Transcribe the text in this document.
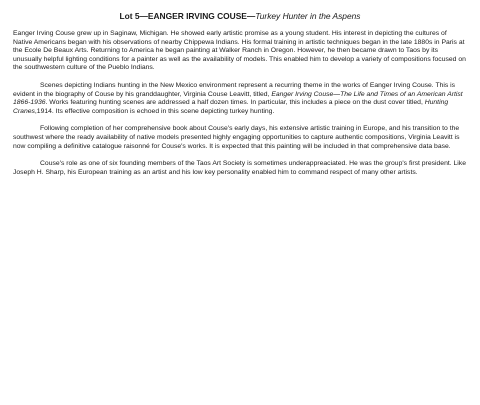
Lot 5—EANGER IRVING COUSE—Turkey Hunter in the Aspens

Eanger Irving Couse grew up in Saginaw, Michigan. He showed early artistic promise as a young student. His interest in depicting the cultures of Native Americans began with his observations of nearby Chippewa Indians. His formal training in artistic techniques began in the late 1880s in Paris at the Ecole De Beaux Arts. Returning to America he began painting at Walker Ranch in Oregon. However, he then became drawn to Taos by its unusually helpful lighting conditions for a painter as well as the availability of models. This enabled him to develop a variety of compositions focused on the southwestern culture of the Pueblo Indians.

Scenes depicting Indians hunting in the New Mexico environment represent a recurring theme in the works of Eanger Irving Couse. This is evident in the biography of Couse by his granddaughter, Virginia Couse Leavitt, titled, Eanger Irving Couse—The Life and Times of an American Artist 1866-1936. Works featuring hunting scenes are addressed a half dozen times. In particular, this includes a piece on the dust cover titled, Hunting Cranes,1914. Its effective composition is echoed in this scene depicting turkey hunting.

Following completion of her comprehensive book about Couse's early days, his extensive artistic training in Europe, and his transition to the southwest where the ready availability of native models presented highly engaging opportunities to capture authentic compositions, Virginia Leavitt is now compiling a definitive catalogue raisonné for Couse's works. It is expected that this painting will be included in that comprehensive data base.

Couse's role as one of six founding members of the Taos Art Society is sometimes underappreaciated. He was the group's first president. Like Joseph H. Sharp, his European training as an artist and his low key personality enabled him to command respect of many other artists.
